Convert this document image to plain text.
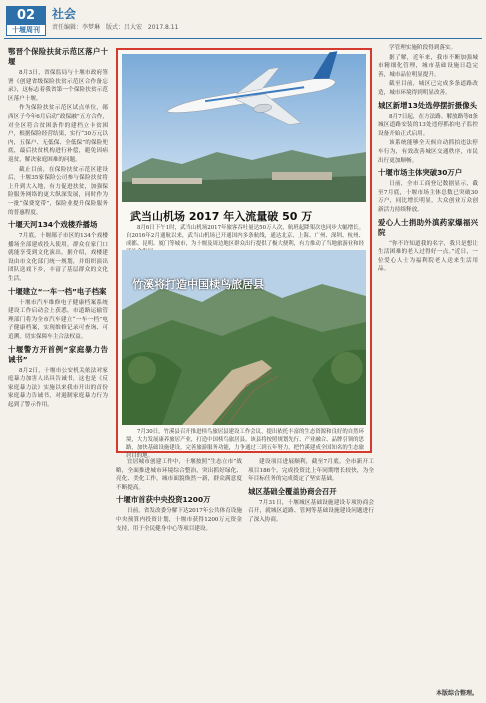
02
十堰周刊
社会
责任编辑：李梦琳 版式：吕大宏 2017.8.11
鄂晋个保险扶贫示范区落户十堰

8月3日，省保监局与十堰市政府签署《创建省级保险扶贫示范区合作备忘录》，这标志着我省第一个保险扶贫示范区落户十堰。

作为保险扶贫示范区试点单位，郧西区子今年6月启动“政保融”五方合作，对全区符合贫困条件的建档立卡贫困户，根据保险经营结果，实行“30万元以内，五保户、无低保、全低保”的保险兜底，最后扶贫机构进行补偿，避免因病返贫，解决家庭困难的问题。

截止目前，在保险扶贫示范区建设后，十堰35家保险公司参与保险扶贫将上升到大入地，有力促进扶贫，加强保险服务网络的更大纵深发展，同时作为一批“保费宽带”，保险业提升保险服务的普惠程度。

十堰天河134个戏楼乔播场

7月底，十堰郧子市区的134个戏楼播场全部建成投入使用，群众在家门口就能享受到文化演出。据介绍，戏楼建设由市文化部门统一规划，并组织演出团队送戏下乡，丰富了基层群众的文化生活。

十堰建立“一车一档”电子档案

十堰市汽车维修电子健康档案系统建设工作启动会上获悉，市道路运输管理部门将为全市汽车建立“一车一档”电子健康档案，实现维修记录可查询、可追溯，切实保障车主合法权益。

十堰警方开首例“家庭暴力告诫书”

8月2日，十堰市公安机关依法对家庭暴力加害人出具告诫书，这也是《反家庭暴力法》实施以来我市开出的首份家庭暴力告诫书，对遏制家庭暴力行为起到了警示作用。

武当山机场 2017 年入流量破 50 万

8月6日下午1时，武当山机场2017年旅客吞吐量达50万人次，航班起降架次也同步大幅增长。自2016年2月通航以来，武当山机场已开通国内多条航线，通达北京、上海、广州、深圳、杭州、成都、昆明、厦门等城市，为十堰及周边地区群众出行提供了极大便利，有力推动了当地旅游业和经

竹溪将打造中国椟鸟旅居县

7月30日，竹溪县召开推进椟鸟旅居县建设工作会议，提出依托丰富的生态资源和良好的自然环境，大力发展康养旅居产业，打造中国椟鸟旅居县。该县将按照规划先行、产业融合、品牌引领的思路，加快基础设施建设，完善旅游服务功能，力争通过三到五年努力，把竹溪建成全国知名的生态旅居目的地。

宜居城市创建工作中，十堰按照“生态立市”战略，全面推进城市环境综合整治，突出抓好绿化、亮化、美化工作，城市面貌焕然一新，群众满意度不断提高。

十堰市首获中央投资1200万

日前，省发改委分解下达2017年公共体育设施中央预算内投资计划，十堰市获得1200万元资金支持，用于全民健身中心等项目建设。

建设项目进展顺利，截至7月底，全市新开工项目186个，完成投资比上年同期增长较快，为全年目标任务的完成奠定了坚实基础。

城区基础全覆盖协商会召开

7月31日，十堰城区基础设施建设专项协商会召开，就城区道路、管网等基础设施建设问题进行了深入协商。

学管理实施阶段得到落实。

据了解，近年来，我市不断加强城市精细化管理，城市基础设施日趋完善，城市品位明显提升。

截至目前，城区已完成多条道路改造，城市环境得到明显改善。

城区新增13处选停摆折摄像头

8月7日起，在方法路、解放路等8条城区道路安装的13处违停抓拍电子监控设备开始正式启用。

该系统能够全天候自动抓拍违法停车行为，有效改善城区交通秩序，市民出行更加顺畅。

十堰市场主体突破30万户

日前，全市工商登记数据显示，截至7月底，十堰市场主体总数已突破30万户，同比增长明显，大众创业万众创新活力持续释放。

爱心人士捐助外滇药家爆福兴院

“你不许知道我的名字，我只是想让生活困难的老人过得好一点。”近日，一位爱心人士为福利院老人送来生活用品。

本版综合整理。
